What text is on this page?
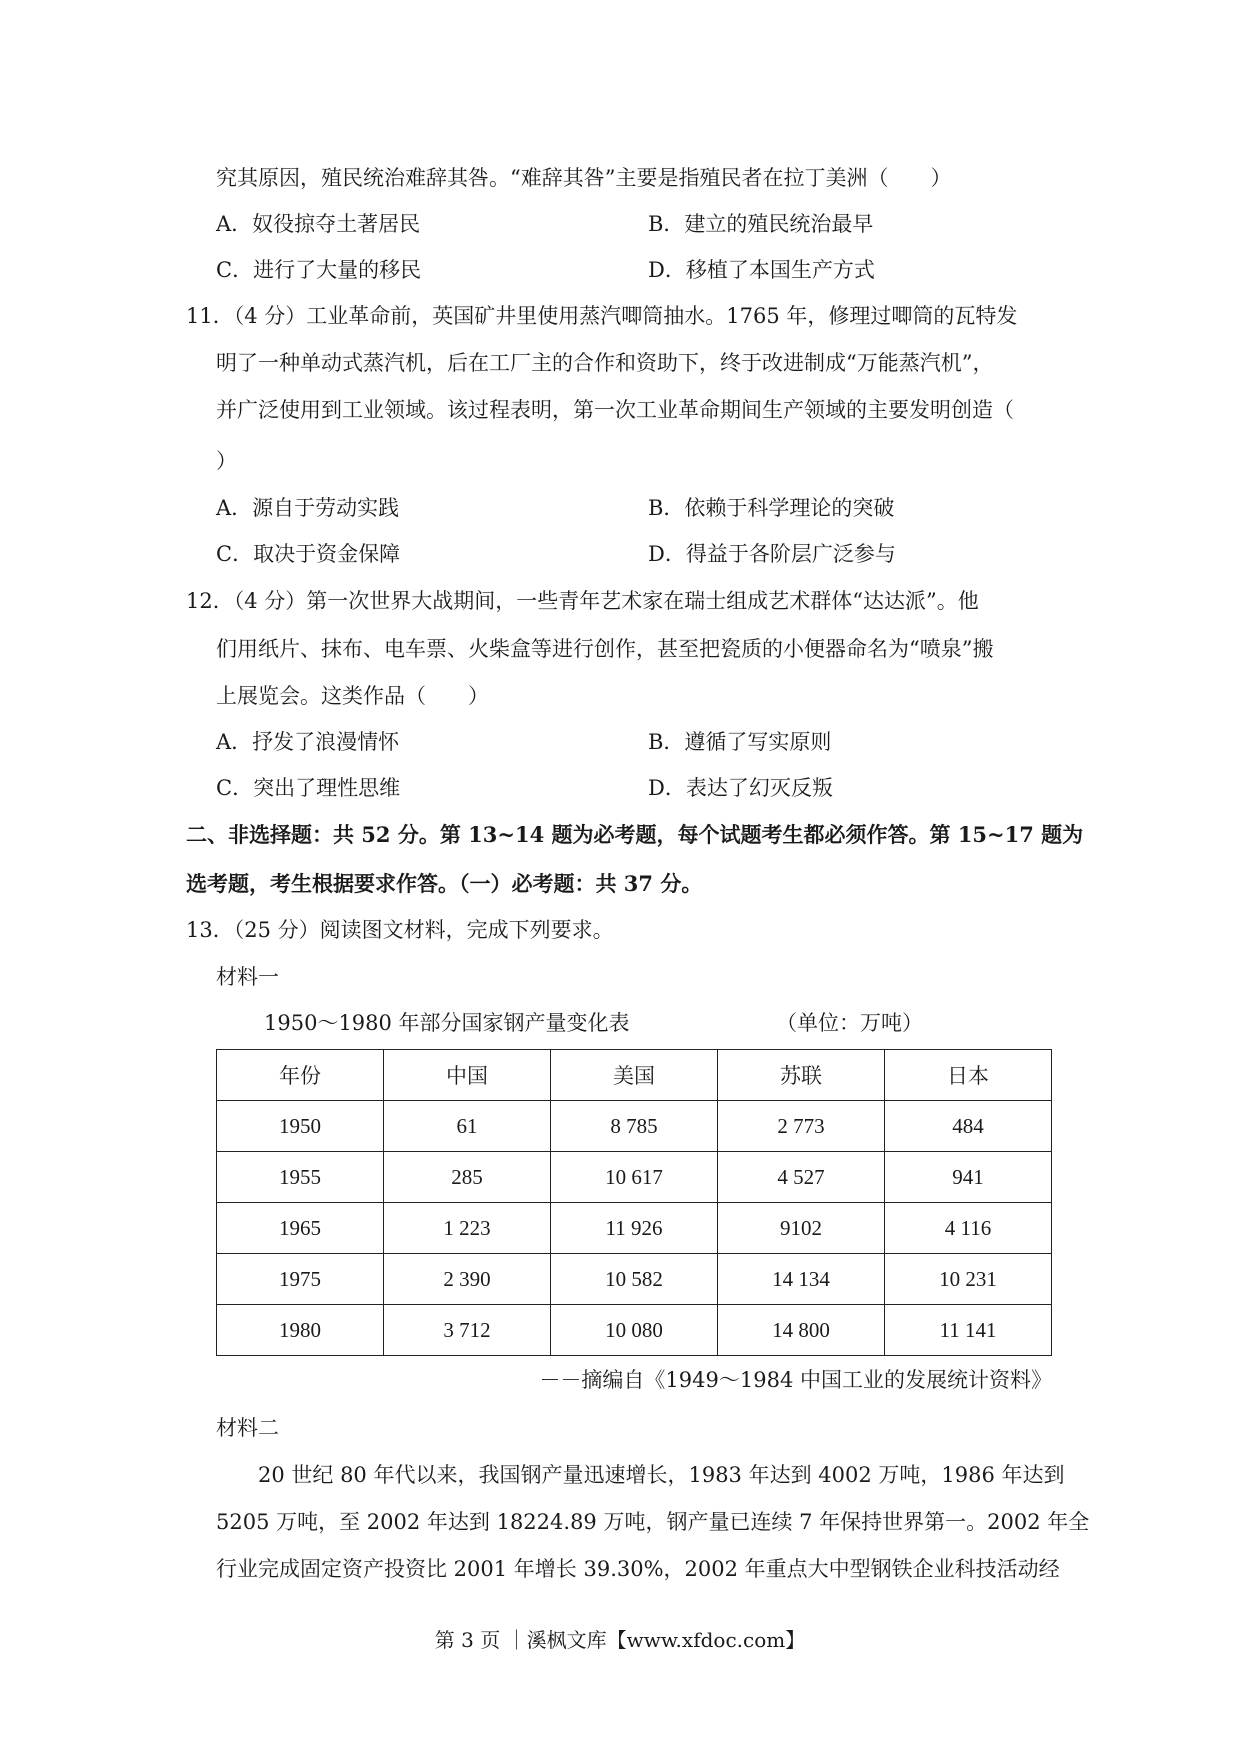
究其原因，殖民统治难辞其咎。“难辞其咎”主要是指殖民者在拉丁美洲（　　）
A．奴役掠夺土著居民	B．建立的殖民统治最早
C．进行了大量的移民	D．移植了本国生产方式
11．（4 分）工业革命前，英国矿井里使用蒸汽唧筒抽水。1765 年，修理过唧筒的瓦特发
明了一种单动式蒸汽机，后在工厂主的合作和资助下，终于改进制成“万能蒸汽机”，
并广泛使用到工业领域。该过程表明，第一次工业革命期间生产领域的主要发明创造（
）
A．源自于劳动实践	B．依赖于科学理论的突破
C．取决于资金保障	D．得益于各阶层广泛参与
12．（4 分）第一次世界大战期间，一些青年艺术家在瑞士组成艺术群体“达达派”。他
们用纸片、抹布、电车票、火柴盒等进行创作，甚至把瓷质的小便器命名为“喷泉”搬
上展览会。这类作品（　　）
A．抒发了浪漫情怀	B．遵循了写实原则
C．突出了理性思维	D．表达了幻灭反叛
二、非选择题：共 52 分。第 13~14 题为必考题，每个试题考生都必须作答。第 15~17 题为
选考题，考生根据要求作答。（一）必考题：共 37 分。
13．（25 分）阅读图文材料，完成下列要求。
材料一
1950～1980 年部分国家钢产量变化表	（单位：万吨）
年份	中国	美国	苏联	日本
1950	61	8 785	2 773	484
1955	285	10 617	4 527	941
1965	1 223	11 926	9102	4 116
1975	2 390	10 582	14 134	10 231
1980	3 712	10 080	14 800	11 141
－－摘编自《1949～1984 中国工业的发展统计资料》
材料二
20 世纪 80 年代以来，我国钢产量迅速增长，1983 年达到 4002 万吨，1986 年达到
5205 万吨，至 2002 年达到 18224.89 万吨，钢产量已连续 7 年保持世界第一。2002 年全
行业完成固定资产投资比 2001 年增长 39.30%，2002 年重点大中型钢铁企业科技活动经
第 3 页 ｜溪枫文库【www.xfdoc.com】
